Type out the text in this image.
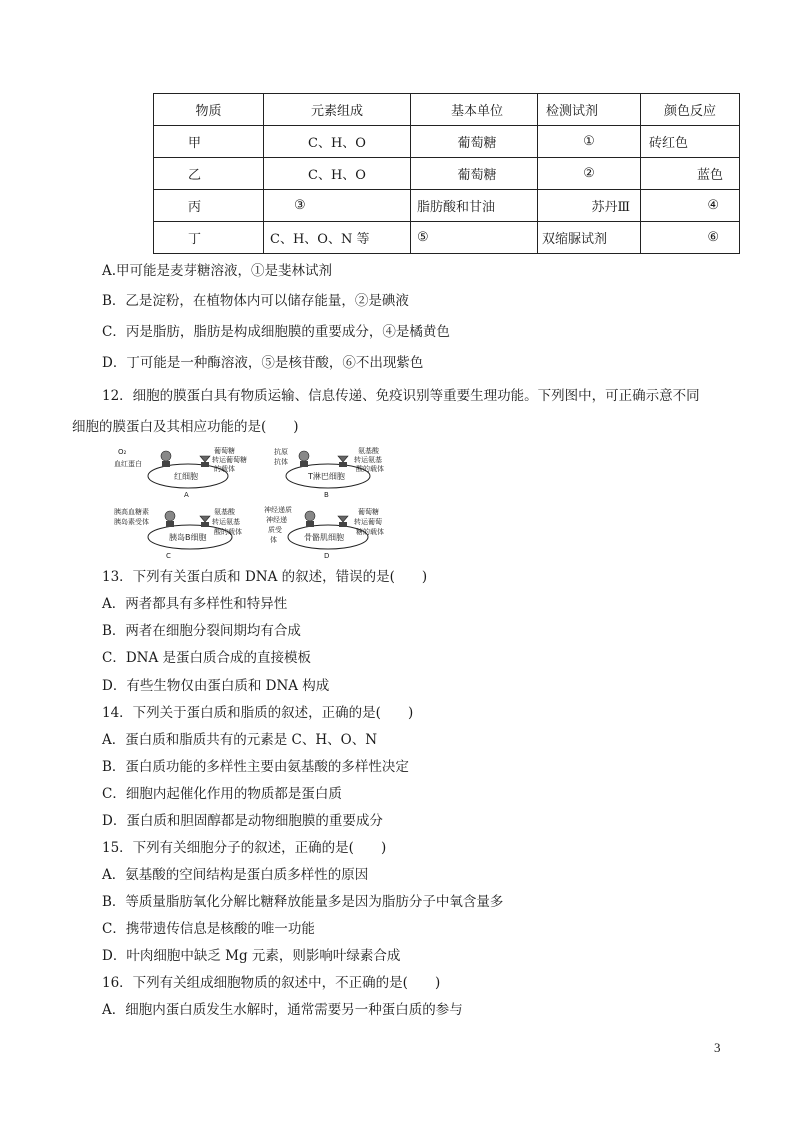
物质	元素组成	基本单位	检测试剂	颜色反应
甲	C、H、O	葡萄糖	①	砖红色
乙	C、H、O	葡萄糖	②	蓝色
丙	③	脂肪酸和甘油	苏丹Ⅲ	④
丁	C、H、O、N 等	⑤	双缩脲试剂	⑥
A.甲可能是麦芽糖溶液，①是斐林试剂
B．乙是淀粉，在植物体内可以储存能量，②是碘液
C．丙是脂肪，脂肪是构成细胞膜的重要成分，④是橘黄色
D．丁可能是一种酶溶液，⑤是核苷酸，⑥不出现紫色
12．细胞的膜蛋白具有物质运输、信息传递、免疫识别等重要生理功能。下列图中，可正确示意不同
细胞的膜蛋白及其相应功能的是(　　)
O₂
血红蛋白
红细胞
葡萄糖
转运葡萄糖
的载体
A
抗原
抗体
T淋巴细胞
氨基酸
转运氨基
酸的载体
B
胰高血糖素
胰岛素受体
胰岛B细胞
氨基酸
转运氨基
酸的载体
C
神经递质
神经递
质受
体	骨骼肌细胞
葡萄糖
转运葡萄
糖的载体
D
13．下列有关蛋白质和 DNA 的叙述，错误的是(　　)
A．两者都具有多样性和特异性
B．两者在细胞分裂间期均有合成
C．DNA 是蛋白质合成的直接模板
D．有些生物仅由蛋白质和 DNA 构成
14．下列关于蛋白质和脂质的叙述，正确的是(　　)
A．蛋白质和脂质共有的元素是 C、H、O、N
B．蛋白质功能的多样性主要由氨基酸的多样性决定
C．细胞内起催化作用的物质都是蛋白质
D．蛋白质和胆固醇都是动物细胞膜的重要成分
15．下列有关细胞分子的叙述，正确的是(　　)
A．氨基酸的空间结构是蛋白质多样性的原因
B．等质量脂肪氧化分解比糖释放能量多是因为脂肪分子中氧含量多
C．携带遗传信息是核酸的唯一功能
D．叶肉细胞中缺乏 Mg 元素，则影响叶绿素合成
16．下列有关组成细胞物质的叙述中，不正确的是(　　)
A．细胞内蛋白质发生水解时，通常需要另一种蛋白质的参与
3
